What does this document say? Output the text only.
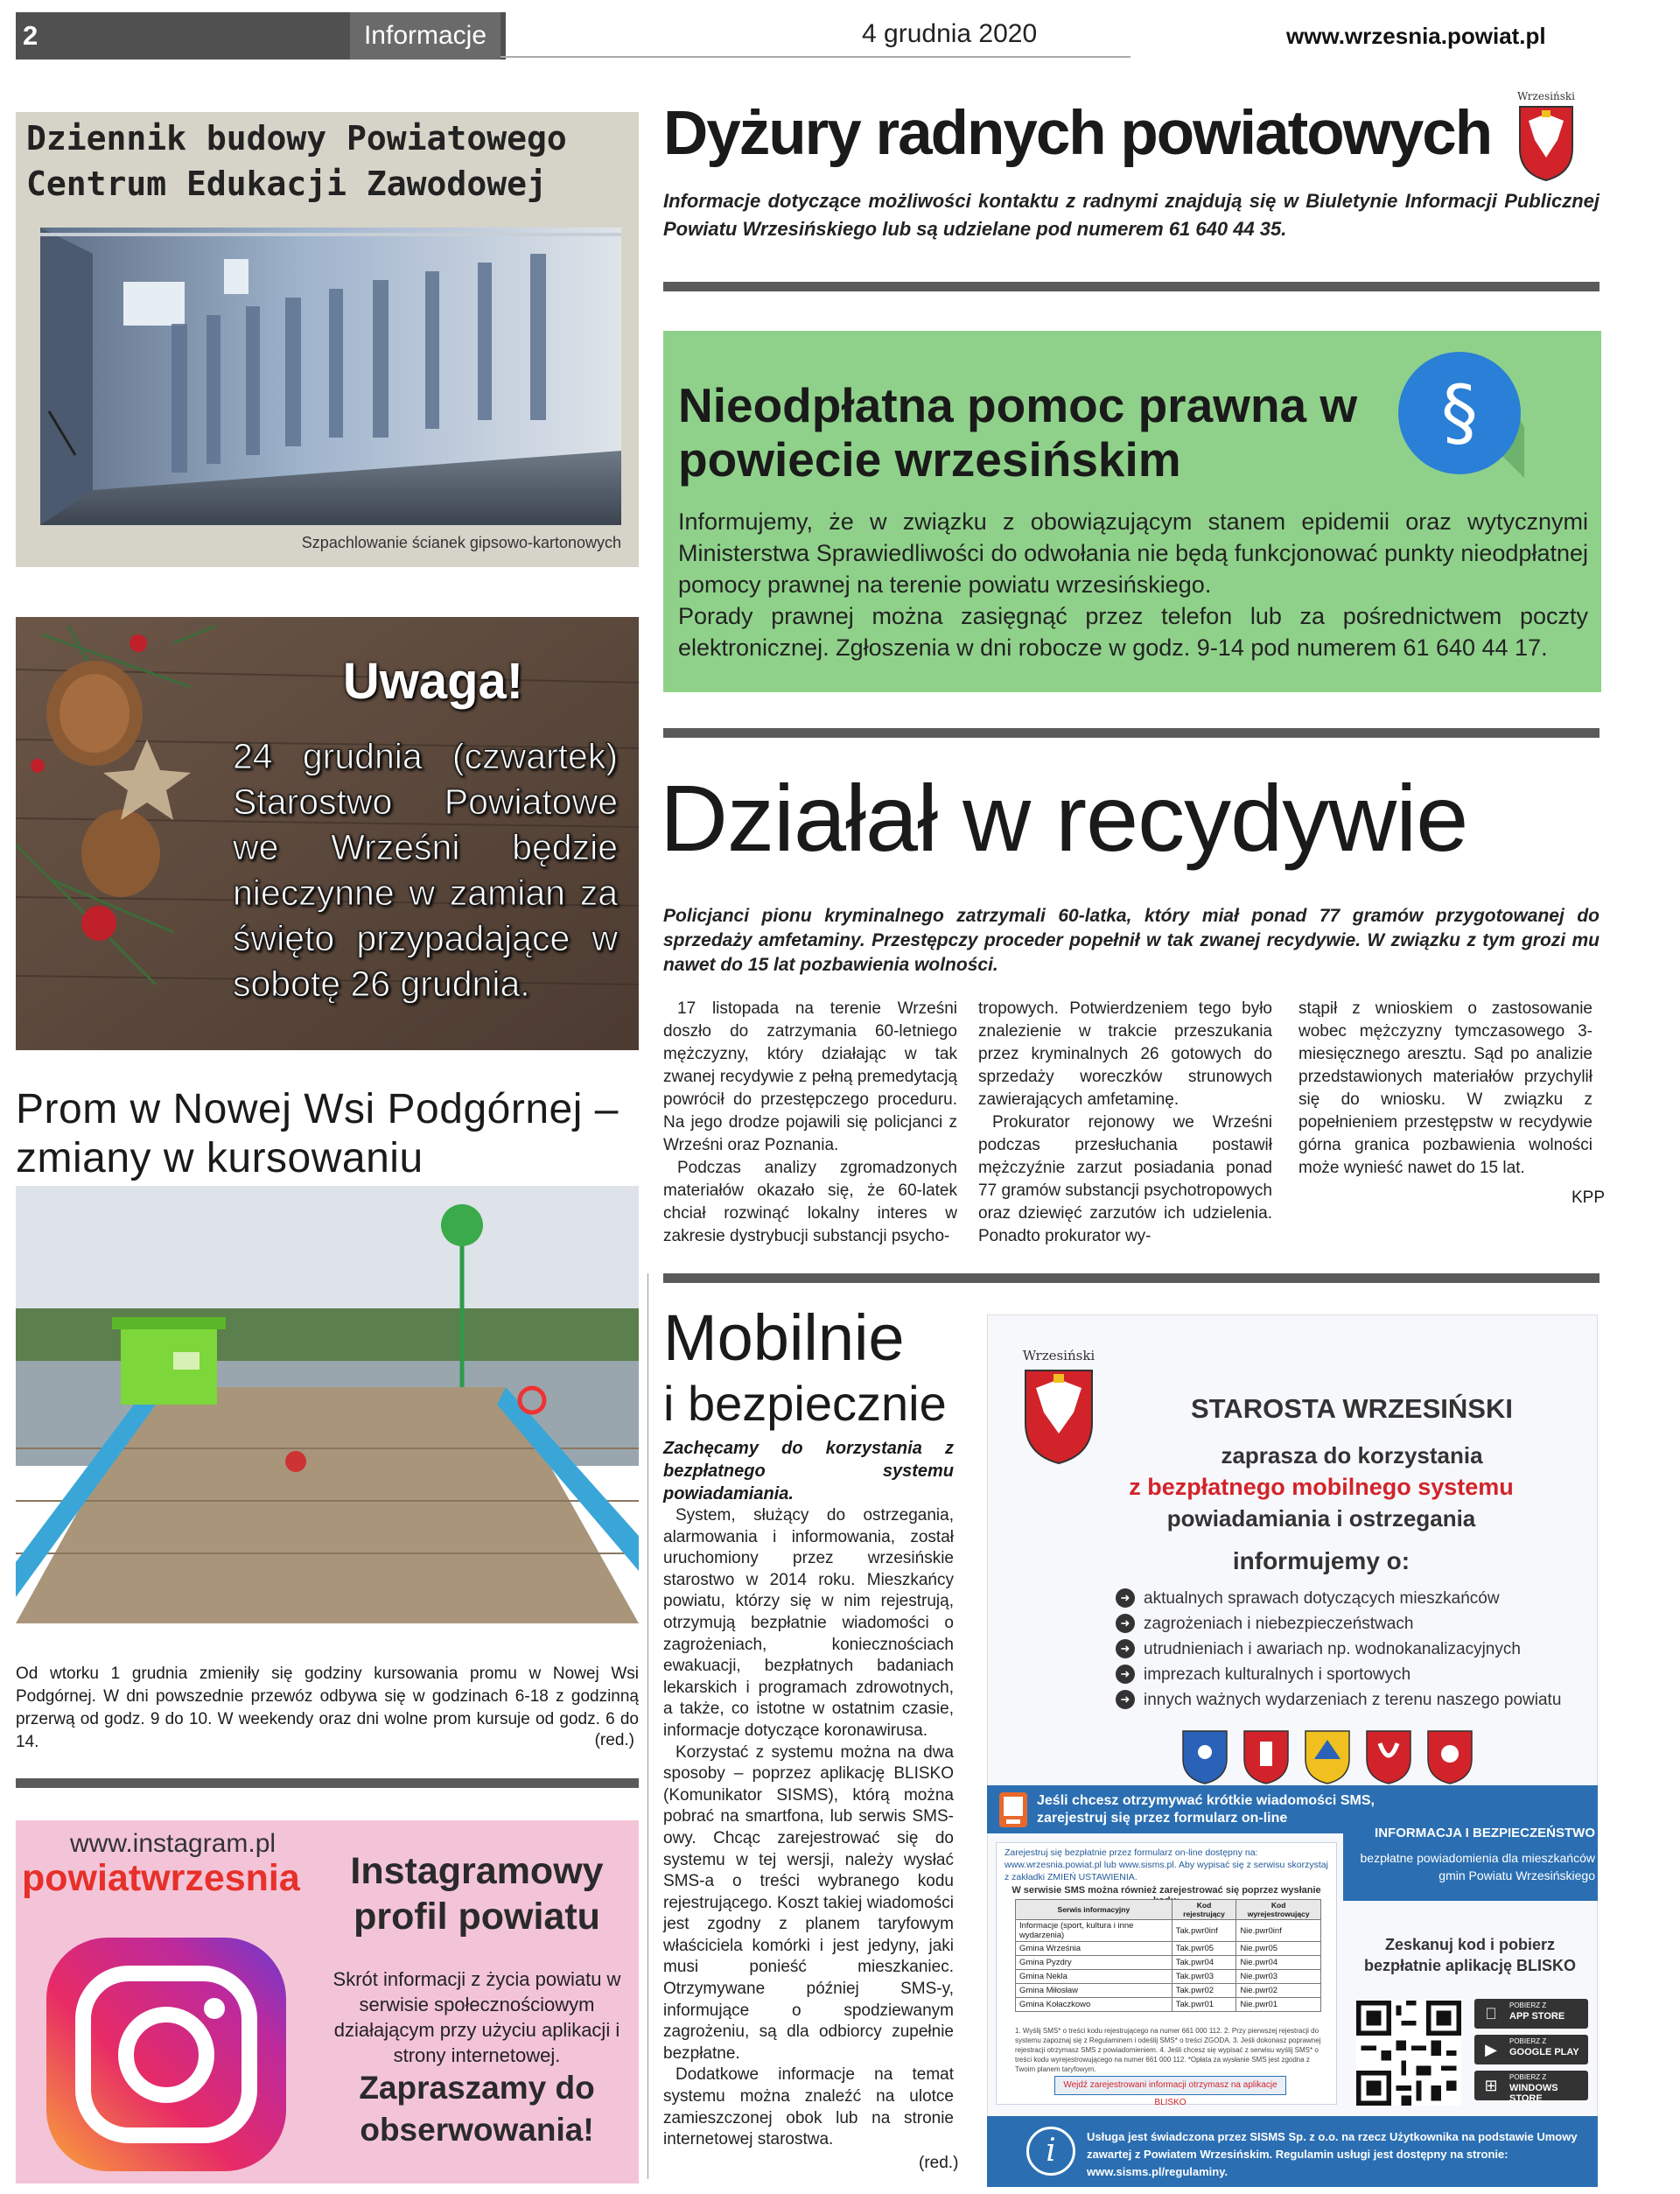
2	Informacje	4 grudnia 2020	www.wrzesnia.powiat.pl
Dziennik budowy Powiatowego Centrum Edukacji Zawodowej
Szpachlowanie ścianek gipsowo-kartonowych
Uwaga!
24 grudnia (czwartek) Starostwo Powiatowe we Wrześni będzie nieczynne w zamian za święto przypadające w sobotę 26 grudnia.
Prom w Nowej Wsi Podgórnej – zmiany w kursowaniu
Od wtorku 1 grudnia zmieniły się godziny kursowania promu w Nowej Wsi Podgórnej. W dni powszednie przewóz odbywa się w godzinach 6-18 z godzinną przerwą od godz. 9 do 10. W weekendy oraz dni wolne prom kursuje od godz. 6 do 14.	(red.)
www.instagram.pl
powiatwrzesnia	Instagramowy profil powiatu
Skrót informacji z życia powiatu w serwisie społecznościowym działającym przy użyciu aplikacji i strony internetowej.
Zapraszamy do obserwowania!
Dyżury radnych powiatowych
Wrzesiński
Informacje dotyczące możliwości kontaktu z radnymi znajdują się w Biuletynie Informacji Publicznej Powiatu Wrzesińskiego lub są udzielane pod numerem 61 640 44 35.
Nieodpłatna pomoc prawna w powiecie wrzesińskim
§

Informujemy, że w związku z obowiązującym stanem epidemii oraz wytycznymi Ministerstwa Sprawiedliwości do odwołania nie będą funkcjonować punkty nieodpłatnej pomocy prawnej na terenie powiatu wrzesińskiego.

Porady prawnej można zasięgnąć przez telefon lub za pośrednictwem poczty elektronicznej. Zgłoszenia w dni robocze w godz. 9-14 pod numerem 61 640 44 17.

Działał w recydywie
Policjanci pionu kryminalnego zatrzymali 60-latka, który miał ponad 77 gramów przygotowanej do sprzedaży amfetaminy. Przestępczy proceder popełnił w tak zwanej recydywie. W związku z tym grozi mu nawet do 15 lat pozbawienia wolności.

17 listopada na terenie Wrześni doszło do zatrzymania 60-letniego mężczyzny, który działając w tak zwanej recydywie z pełną premedytacją powrócił do przestępczego proceduru. Na jego drodze pojawili się policjanci z Wrześni oraz Poznania.

Podczas analizy zgromadzonych materiałów okazało się, że 60-latek chciał rozwinąć lokalny interes w zakresie dystrybucji substancji psycho-

tropowych. Potwierdzeniem tego było znalezienie w trakcie przeszukania przez kryminalnych 26 gotowych do sprzedaży woreczków strunowych zawierających amfetaminę.

Prokurator rejonowy we Wrześni podczas przesłuchania postawił mężczyźnie zarzut posiadania ponad 77 gramów substancji psychotropowych oraz dziewięć zarzutów ich udzielenia. Ponadto prokurator wy-

stąpił z wnioskiem o zastosowanie wobec mężczyzny tymczasowego 3-miesięcznego aresztu. Sąd po analizie przedstawionych materiałów przychylił się do wniosku. W związku z popełnieniem przestępstw w recydywie górna granica pozbawienia wolności może wynieść nawet do 15 lat.

KPP
Mobilnie
i bezpiecznie
Zachęcamy do korzystania z bezpłatnego systemu powiadamiania.

System, służący do ostrzegania, alarmowania i informowania, został uruchomiony przez wrzesińskie starostwo w 2014 roku. Mieszkańcy powiatu, którzy się w nim rejestrują, otrzymują bezpłatnie wiadomości o zagrożeniach, koniecznościach ewakuacji, bezpłatnych badaniach lekarskich i programach zdrowotnych, a także, co istotne w ostatnim czasie, informacje dotyczące koronawirusa.

Korzystać z systemu można na dwa sposoby – poprzez aplikację BLISKO (Komunikator SISMS), którą można pobrać na smartfona, lub serwis SMS-owy. Chcąc zarejestrować się do systemu w tej wersji, należy wysłać SMS-a o treści wybranego kodu rejestrującego. Koszt takiej wiadomości jest zgodny z planem taryfowym właściciela komórki i jest jedyny, jaki musi ponieść mieszkaniec. Otrzymywane później SMS-y, informujące o spodziewanym zagrożeniu, są dla odbiorcy zupełnie bezpłatne.

Dodatkowe informacje na temat systemu można znaleźć na ulotce zamieszczonej obok lub na stronie internetowej starostwa.

(red.)
Wrzesiński
STAROSTA WRZESIŃSKI
zaprasza do korzystania
z bezpłatnego mobilnego systemu
powiadamiania i ostrzegania
informujemy o:
➜ aktualnych sprawach dotyczących mieszkańców
➜ zagrożeniach i niebezpieczeństwach
➜ utrudnieniach i awariach np. wodnokanalizacyjnych
➜ imprezach kulturalnych i sportowych
➜ innych ważnych wydarzeniach z terenu naszego powiatu
Jeśli chcesz otrzymywać krótkie wiadomości SMS, zarejestruj się przez formularz on-line
INFORMACJA I BEZPIECZEŃSTWO
bezpłatne powiadomienia dla mieszkańców gmin Powiatu Wrzesińskiego
Zarejestruj się bezpłatnie przez formularz on-line dostępny na: www.wrzesnia.powiat.pl lub www.sisms.pl. Aby wypisać się z serwisu skorzystaj z zakładki ZMIEŃ USTAWIENIA.
W serwisie SMS można również zarejestrować się poprzez wysłanie
Serwis informacyjny	Kod rejestrujący	Kod wyrejestrowujący
Informacje (sport, kultura i inne wydarzenia)	Tak.pwr0inf	Nie.pwr0inf
Gmina Września	Tak.pwr05	Nie.pwr05
Gmina Pyzdry	Tak.pwr04	Nie.pwr04
Gmina Nekla	Tak.pwr03	Nie.pwr03
Gmina Miłosław	Tak.pwr02	Nie.pwr02
Gmina Kołaczkowo	Tak.pwr01	Nie.pwr01
1. Wyślij SMS* o treści kodu rejestrującego na numer 661 000 112. 2. Przy pierwszej rejestracji do systemu zapoznaj się z Regulaminem i odeślij SMS* o treści ZGODA. 3. Jeśli dokonasz poprawnej rejestracji otrzymasz SMS z powiadomieniem. 4. Jeśli chcesz się wypisać z serwisu wyślij SMS* o treści kodu wyrejestrowującego na numer 661 000 112. *Opłata za wysłanie SMS jest zgodna z Twoim planem taryfowym.
Wejdź zarejestrowani informacji otrzymasz na aplikacje BLISKO
Zeskanuj kod i pobierz bezpłatnie aplikację BLISKO
POBIERZ Z
APP STORE
▶	POBIERZ Z
GOOGLE PLAY
⊞	POBIERZ Z
WINDOWS STORE
i	Usługa jest świadczona przez SISMS Sp. z o.o. na rzecz Użytkownika na podstawie Umowy zawartej z Powiatem Wrzesińskim. Regulamin usługi jest dostępny na stronie: www.sisms.pl/regulaminy.
